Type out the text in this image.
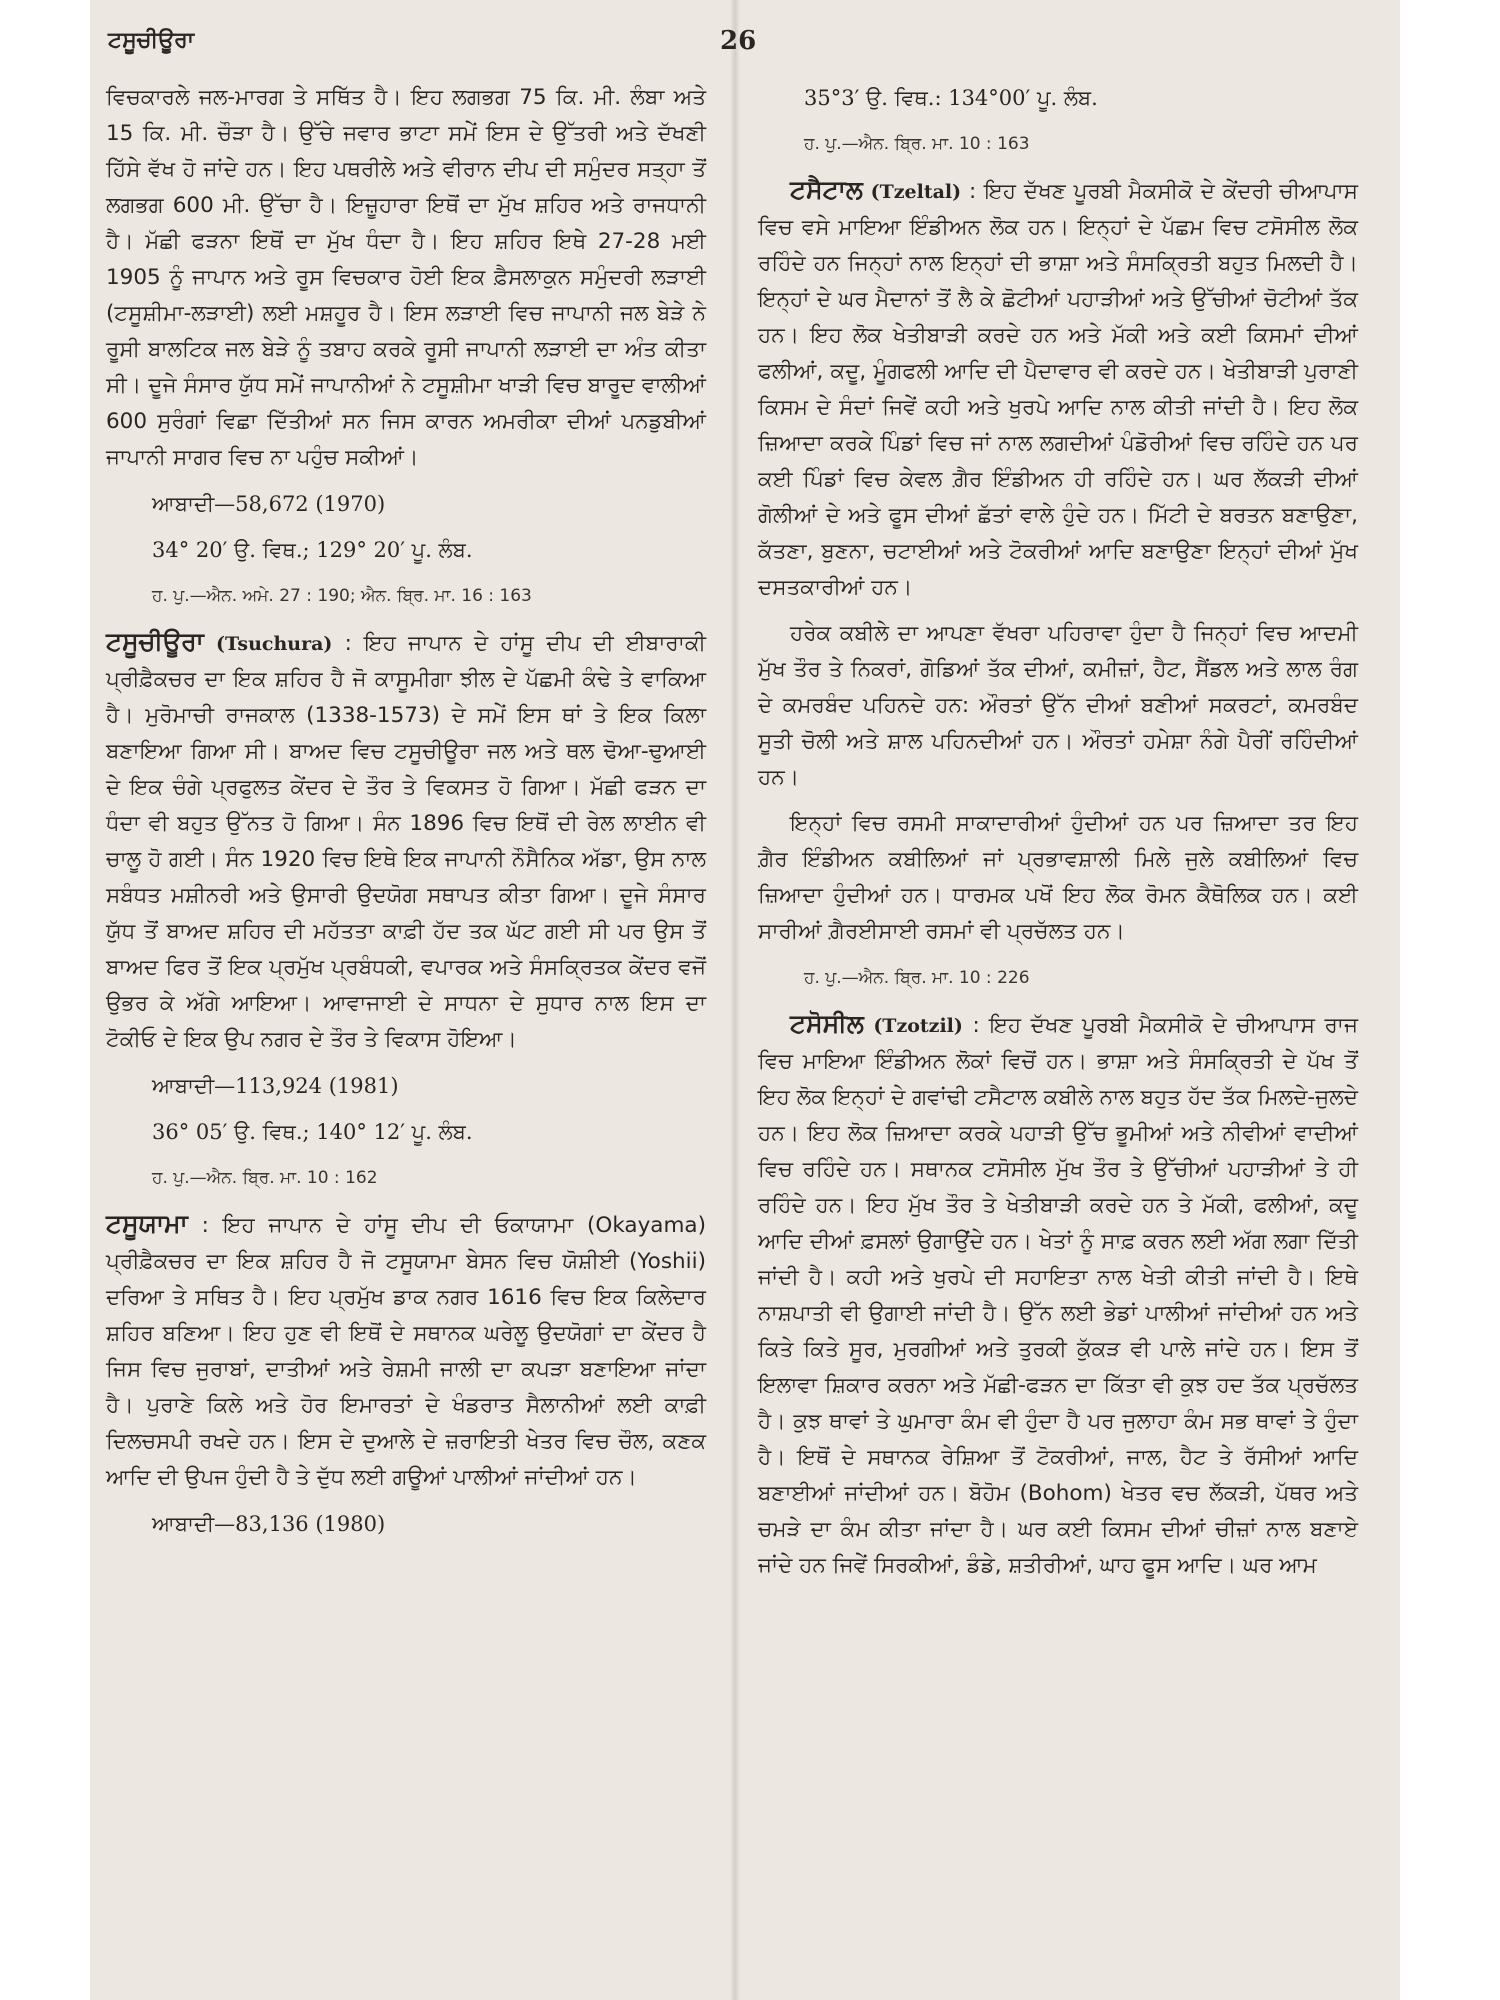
ਟਸੂਚੀਊਰਾ	26

ਵਿਚਕਾਰਲੇ ਜਲ-ਮਾਰਗ ਤੇ ਸਥਿੱਤ ਹੈ। ਇਹ ਲਗਭਗ 75 ਕਿ. ਮੀ. ਲੰਬਾ ਅਤੇ 15 ਕਿ. ਮੀ. ਚੌੜਾ ਹੈ। ਉੱਚੇ ਜਵਾਰ ਭਾਟਾ ਸਮੇਂ ਇਸ ਦੇ ਉੱਤਰੀ ਅਤੇ ਦੱਖਣੀ ਹਿੱਸੇ ਵੱਖ ਹੋ ਜਾਂਦੇ ਹਨ। ਇਹ ਪਥਰੀਲੇ ਅਤੇ ਵੀਰਾਨ ਦੀਪ ਦੀ ਸਮੁੰਦਰ ਸਤ੍ਹਾ ਤੋਂ ਲਗਭਗ 600 ਮੀ. ਉੱਚਾ ਹੈ। ਇਜ਼ੂਹਾਰਾ ਇਥੋਂ ਦਾ ਮੁੱਖ ਸ਼ਹਿਰ ਅਤੇ ਰਾਜਧਾਨੀ ਹੈ। ਮੱਛੀ ਫੜਨਾ ਇਥੋਂ ਦਾ ਮੁੱਖ ਧੰਦਾ ਹੈ। ਇਹ ਸ਼ਹਿਰ ਇਥੇ 27-28 ਮਈ 1905 ਨੂੰ ਜਾਪਾਨ ਅਤੇ ਰੂਸ ਵਿਚਕਾਰ ਹੋਈ ਇਕ ਫ਼ੈਸਲਾਕੁਨ ਸਮੁੰਦਰੀ ਲੜਾਈ (ਟਸੂਸ਼ੀਮਾ-ਲੜਾਈ) ਲਈ ਮਸ਼ਹੂਰ ਹੈ। ਇਸ ਲੜਾਈ ਵਿਚ ਜਾਪਾਨੀ ਜਲ ਬੇੜੇ ਨੇ ਰੂਸੀ ਬਾਲਟਿਕ ਜਲ ਬੇੜੇ ਨੂੰ ਤਬਾਹ ਕਰਕੇ ਰੂਸੀ ਜਾਪਾਨੀ ਲੜਾਈ ਦਾ ਅੰਤ ਕੀਤਾ ਸੀ। ਦੂਜੇ ਸੰਸਾਰ ਯੁੱਧ ਸਮੇਂ ਜਾਪਾਨੀਆਂ ਨੇ ਟਸੂਸ਼ੀਮਾ ਖਾੜੀ ਵਿਚ ਬਾਰੂਦ ਵਾਲੀਆਂ 600 ਸੁਰੰਗਾਂ ਵਿਛਾ ਦਿੱਤੀਆਂ ਸਨ ਜਿਸ ਕਾਰਨ ਅਮਰੀਕਾ ਦੀਆਂ ਪਨਡੁਬੀਆਂ ਜਾਪਾਨੀ ਸਾਗਰ ਵਿਚ ਨਾ ਪਹੁੰਚ ਸਕੀਆਂ।

ਆਬਾਦੀ—58,672 (1970)

34° 20′ ਉ. ਵਿਥ.; 129° 20′ ਪੂ. ਲੰਬ.

ਹ. ਪੁ.—ਐਨ. ਅਮੇ. 27 : 190; ਐਨ. ਬ੍ਰਿ. ਮਾ. 16 : 163

ਟਸੂਚੀਊਰਾ (Tsuchura) : ਇਹ ਜਾਪਾਨ ਦੇ ਹਾਂਸੂ ਦੀਪ ਦੀ ਈਬਾਰਾਕੀ ਪ੍ਰੀਫ਼ੈਕਚਰ ਦਾ ਇਕ ਸ਼ਹਿਰ ਹੈ ਜੋ ਕਾਸੂਮੀਗਾ ਝੀਲ ਦੇ ਪੱਛਮੀ ਕੰਢੇ ਤੇ ਵਾਕਿਆ ਹੈ। ਮੁਰੋਮਾਚੀ ਰਾਜਕਾਲ (1338-1573) ਦੇ ਸਮੇਂ ਇਸ ਥਾਂ ਤੇ ਇਕ ਕਿਲਾ ਬਣਾਇਆ ਗਿਆ ਸੀ। ਬਾਅਦ ਵਿਚ ਟਸੂਚੀਊਰਾ ਜਲ ਅਤੇ ਥਲ ਢੋਆ-ਢੁਆਈ ਦੇ ਇਕ ਚੰਗੇ ਪ੍ਰਫੁਲਤ ਕੇਂਦਰ ਦੇ ਤੌਰ ਤੇ ਵਿਕਸਤ ਹੋ ਗਿਆ। ਮੱਛੀ ਫੜਨ ਦਾ ਧੰਦਾ ਵੀ ਬਹੁਤ ਉੱਨਤ ਹੋ ਗਿਆ। ਸੰਨ 1896 ਵਿਚ ਇਥੋਂ ਦੀ ਰੇਲ ਲਾਈਨ ਵੀ ਚਾਲੂ ਹੋ ਗਈ। ਸੰਨ 1920 ਵਿਚ ਇਥੇ ਇਕ ਜਾਪਾਨੀ ਨੌਸੈਨਿਕ ਅੱਡਾ, ਉਸ ਨਾਲ ਸਬੰਧਤ ਮਸ਼ੀਨਰੀ ਅਤੇ ਉਸਾਰੀ ਉਦਯੋਗ ਸਥਾਪਤ ਕੀਤਾ ਗਿਆ। ਦੂਜੇ ਸੰਸਾਰ ਯੁੱਧ ਤੋਂ ਬਾਅਦ ਸ਼ਹਿਰ ਦੀ ਮਹੱਤਤਾ ਕਾਫ਼ੀ ਹੱਦ ਤਕ ਘੱਟ ਗਈ ਸੀ ਪਰ ਉਸ ਤੋਂ ਬਾਅਦ ਫਿਰ ਤੋਂ ਇਕ ਪ੍ਰਮੁੱਖ ਪ੍ਰਬੰਧਕੀ, ਵਪਾਰਕ ਅਤੇ ਸੰਸਕ੍ਰਿਤਕ ਕੇਂਦਰ ਵਜੋਂ ਉਭਰ ਕੇ ਅੱਗੇ ਆਇਆ। ਆਵਾਜਾਈ ਦੇ ਸਾਧਨਾ ਦੇ ਸੁਧਾਰ ਨਾਲ ਇਸ ਦਾ ਟੋਕੀਓ ਦੇ ਇਕ ਉਪ ਨਗਰ ਦੇ ਤੌਰ ਤੇ ਵਿਕਾਸ ਹੋਇਆ।

ਆਬਾਦੀ—113,924 (1981)

36° 05′ ਉ. ਵਿਥ.; 140° 12′ ਪੂ. ਲੰਬ.

ਹ. ਪੁ.—ਐਨ. ਬ੍ਰਿ. ਮਾ. 10 : 162

ਟਸੂਯਾਮਾ : ਇਹ ਜਾਪਾਨ ਦੇ ਹਾਂਸੂ ਦੀਪ ਦੀ ਓਕਾਯਾਮਾ (Okayama) ਪ੍ਰੀਫ਼ੈਕਚਰ ਦਾ ਇਕ ਸ਼ਹਿਰ ਹੈ ਜੋ ਟਸੂਯਾਮਾ ਬੇਸਨ ਵਿਚ ਯੋਸ਼ੀਈ (Yoshii) ਦਰਿਆ ਤੇ ਸਥਿਤ ਹੈ। ਇਹ ਪ੍ਰਮੁੱਖ ਡਾਕ ਨਗਰ 1616 ਵਿਚ ਇਕ ਕਿਲੇਦਾਰ ਸ਼ਹਿਰ ਬਣਿਆ। ਇਹ ਹੁਣ ਵੀ ਇਥੋਂ ਦੇ ਸਥਾਨਕ ਘਰੇਲੂ ਉਦਯੋਗਾਂ ਦਾ ਕੇਂਦਰ ਹੈ ਜਿਸ ਵਿਚ ਜੁਰਾਬਾਂ, ਦਾਤੀਆਂ ਅਤੇ ਰੇਸ਼ਮੀ ਜਾਲੀ ਦਾ ਕਪੜਾ ਬਣਾਇਆ ਜਾਂਦਾ ਹੈ। ਪੁਰਾਣੇ ਕਿਲੇ ਅਤੇ ਹੋਰ ਇਮਾਰਤਾਂ ਦੇ ਖੰਡਰਾਤ ਸੈਲਾਨੀਆਂ ਲਈ ਕਾਫ਼ੀ ਦਿਲਚਸਪੀ ਰਖਦੇ ਹਨ। ਇਸ ਦੇ ਦੁਆਲੇ ਦੇ ਜ਼ਰਾਇਤੀ ਖੇਤਰ ਵਿਚ ਚੌਲ, ਕਣਕ ਆਦਿ ਦੀ ਉਪਜ ਹੁੰਦੀ ਹੈ ਤੇ ਦੁੱਧ ਲਈ ਗਊਆਂ ਪਾਲੀਆਂ ਜਾਂਦੀਆਂ ਹਨ।

ਆਬਾਦੀ—83,136 (1980)

35°3′ ਉ. ਵਿਥ.: 134°00′ ਪੂ. ਲੰਬ.

ਹ. ਪੁ.—ਐਨ. ਬ੍ਰਿ. ਮਾ. 10 : 163

ਟਸੈਟਾਲ (Tzeltal) : ਇਹ ਦੱਖਣ ਪੂਰਬੀ ਮੈਕਸੀਕੋ ਦੇ ਕੇਂਦਰੀ ਚੀਆਪਾਸ ਵਿਚ ਵਸੇ ਮਾਇਆ ਇੰਡੀਅਨ ਲੋਕ ਹਨ। ਇਨ੍ਹਾਂ ਦੇ ਪੱਛਮ ਵਿਚ ਟਸੋਸੀਲ ਲੋਕ ਰਹਿੰਦੇ ਹਨ ਜਿਨ੍ਹਾਂ ਨਾਲ ਇਨ੍ਹਾਂ ਦੀ ਭਾਸ਼ਾ ਅਤੇ ਸੰਸਕ੍ਰਿਤੀ ਬਹੁਤ ਮਿਲਦੀ ਹੈ। ਇਨ੍ਹਾਂ ਦੇ ਘਰ ਮੈਦਾਨਾਂ ਤੋਂ ਲੈ ਕੇ ਛੋਟੀਆਂ ਪਹਾੜੀਆਂ ਅਤੇ ਉੱਚੀਆਂ ਚੋਟੀਆਂ ਤੱਕ ਹਨ। ਇਹ ਲੋਕ ਖੇਤੀਬਾੜੀ ਕਰਦੇ ਹਨ ਅਤੇ ਮੱਕੀ ਅਤੇ ਕਈ ਕਿਸਮਾਂ ਦੀਆਂ ਫਲੀਆਂ, ਕਦੂ, ਮੂੰਗਫਲੀ ਆਦਿ ਦੀ ਪੈਦਾਵਾਰ ਵੀ ਕਰਦੇ ਹਨ। ਖੇਤੀਬਾੜੀ ਪੁਰਾਣੀ ਕਿਸਮ ਦੇ ਸੰਦਾਂ ਜਿਵੇਂ ਕਹੀ ਅਤੇ ਖੁਰਪੇ ਆਦਿ ਨਾਲ ਕੀਤੀ ਜਾਂਦੀ ਹੈ। ਇਹ ਲੋਕ ਜ਼ਿਆਦਾ ਕਰਕੇ ਪਿੰਡਾਂ ਵਿਚ ਜਾਂ ਨਾਲ ਲਗਦੀਆਂ ਪੰਡੋਰੀਆਂ ਵਿਚ ਰਹਿੰਦੇ ਹਨ ਪਰ ਕਈ ਪਿੰਡਾਂ ਵਿਚ ਕੇਵਲ ਗ਼ੈਰ ਇੰਡੀਅਨ ਹੀ ਰਹਿੰਦੇ ਹਨ। ਘਰ ਲੱਕੜੀ ਦੀਆਂ ਗੋਲੀਆਂ ਦੇ ਅਤੇ ਫੂਸ ਦੀਆਂ ਛੱਤਾਂ ਵਾਲੇ ਹੁੰਦੇ ਹਨ। ਮਿੱਟੀ ਦੇ ਬਰਤਨ ਬਣਾਉਣਾ, ਕੱਤਣਾ, ਬੁਣਨਾ, ਚਟਾਈਆਂ ਅਤੇ ਟੋਕਰੀਆਂ ਆਦਿ ਬਣਾਉਣਾ ਇਨ੍ਹਾਂ ਦੀਆਂ ਮੁੱਖ ਦਸਤਕਾਰੀਆਂ ਹਨ।

ਹਰੇਕ ਕਬੀਲੇ ਦਾ ਆਪਣਾ ਵੱਖਰਾ ਪਹਿਰਾਵਾ ਹੁੰਦਾ ਹੈ ਜਿਨ੍ਹਾਂ ਵਿਚ ਆਦਮੀ ਮੁੱਖ ਤੌਰ ਤੇ ਨਿਕਰਾਂ, ਗੋਡਿਆਂ ਤੱਕ ਦੀਆਂ, ਕਮੀਜ਼ਾਂ, ਹੈਟ, ਸੈਂਡਲ ਅਤੇ ਲਾਲ ਰੰਗ ਦੇ ਕਮਰਬੰਦ ਪਹਿਨਦੇ ਹਨ: ਔਰਤਾਂ ਉੱਨ ਦੀਆਂ ਬਣੀਆਂ ਸਕਰਟਾਂ, ਕਮਰਬੰਦ ਸੂਤੀ ਚੋਲੀ ਅਤੇ ਸ਼ਾਲ ਪਹਿਨਦੀਆਂ ਹਨ। ਔਰਤਾਂ ਹਮੇਸ਼ਾ ਨੰਗੇ ਪੈਰੀਂ ਰਹਿੰਦੀਆਂ ਹਨ।

ਇਨ੍ਹਾਂ ਵਿਚ ਰਸਮੀ ਸਾਕਾਦਾਰੀਆਂ ਹੁੰਦੀਆਂ ਹਨ ਪਰ ਜ਼ਿਆਦਾ ਤਰ ਇਹ ਗ਼ੈਰ ਇੰਡੀਅਨ ਕਬੀਲਿਆਂ ਜਾਂ ਪ੍ਰਭਾਵਸ਼ਾਲੀ ਮਿਲੇ ਜੁਲੇ ਕਬੀਲਿਆਂ ਵਿਚ ਜ਼ਿਆਦਾ ਹੁੰਦੀਆਂ ਹਨ। ਧਾਰਮਕ ਪਖੋਂ ਇਹ ਲੋਕ ਰੋਮਨ ਕੈਥੋਲਿਕ ਹਨ। ਕਈ ਸਾਰੀਆਂ ਗ਼ੈਰਈਸਾਈ ਰਸਮਾਂ ਵੀ ਪ੍ਰਚੱਲਤ ਹਨ।

ਹ. ਪੁ.—ਐਨ. ਬ੍ਰਿ. ਮਾ. 10 : 226

ਟਸੋਸੀਲ (Tzotzil) : ਇਹ ਦੱਖਣ ਪੂਰਬੀ ਮੈਕਸੀਕੋ ਦੇ ਚੀਆਪਾਸ ਰਾਜ ਵਿਚ ਮਾਇਆ ਇੰਡੀਅਨ ਲੋਕਾਂ ਵਿਚੋਂ ਹਨ। ਭਾਸ਼ਾ ਅਤੇ ਸੰਸਕ੍ਰਿਤੀ ਦੇ ਪੱਖ ਤੋਂ ਇਹ ਲੋਕ ਇਨ੍ਹਾਂ ਦੇ ਗਵਾਂਢੀ ਟਸੈਟਾਲ ਕਬੀਲੇ ਨਾਲ ਬਹੁਤ ਹੱਦ ਤੱਕ ਮਿਲਦੇ-ਜੁਲਦੇ ਹਨ। ਇਹ ਲੋਕ ਜ਼ਿਆਦਾ ਕਰਕੇ ਪਹਾੜੀ ਉੱਚ ਭੂਮੀਆਂ ਅਤੇ ਨੀਵੀਆਂ ਵਾਦੀਆਂ ਵਿਚ ਰਹਿੰਦੇ ਹਨ। ਸਥਾਨਕ ਟਸੋਸੀਲ ਮੁੱਖ ਤੌਰ ਤੇ ਉੱਚੀਆਂ ਪਹਾੜੀਆਂ ਤੇ ਹੀ ਰਹਿੰਦੇ ਹਨ। ਇਹ ਮੁੱਖ ਤੌਰ ਤੇ ਖੇਤੀਬਾੜੀ ਕਰਦੇ ਹਨ ਤੇ ਮੱਕੀ, ਫਲੀਆਂ, ਕਦੂ ਆਦਿ ਦੀਆਂ ਫ਼ਸਲਾਂ ਉਗਾਉਂਦੇ ਹਨ। ਖੇਤਾਂ ਨੂੰ ਸਾਫ਼ ਕਰਨ ਲਈ ਅੱਗ ਲਗਾ ਦਿੱਤੀ ਜਾਂਦੀ ਹੈ। ਕਹੀ ਅਤੇ ਖੁਰਪੇ ਦੀ ਸਹਾਇਤਾ ਨਾਲ ਖੇਤੀ ਕੀਤੀ ਜਾਂਦੀ ਹੈ। ਇਥੇ ਨਾਸ਼ਪਾਤੀ ਵੀ ਉਗਾਈ ਜਾਂਦੀ ਹੈ। ਉੱਨ ਲਈ ਭੇਡਾਂ ਪਾਲੀਆਂ ਜਾਂਦੀਆਂ ਹਨ ਅਤੇ ਕਿਤੇ ਕਿਤੇ ਸੂਰ, ਮੁਰਗੀਆਂ ਅਤੇ ਤੁਰਕੀ ਕੁੱਕੜ ਵੀ ਪਾਲੇ ਜਾਂਦੇ ਹਨ। ਇਸ ਤੋਂ ਇਲਾਵਾ ਸ਼ਿਕਾਰ ਕਰਨਾ ਅਤੇ ਮੱਛੀ-ਫੜਨ ਦਾ ਕਿੱਤਾ ਵੀ ਕੁਝ ਹਦ ਤੱਕ ਪ੍ਰਚੱਲਤ ਹੈ। ਕੁਝ ਥਾਵਾਂ ਤੇ ਘੁਮਾਰਾ ਕੰਮ ਵੀ ਹੁੰਦਾ ਹੈ ਪਰ ਜੁਲਾਹਾ ਕੰਮ ਸਭ ਥਾਵਾਂ ਤੇ ਹੁੰਦਾ ਹੈ। ਇਥੋਂ ਦੇ ਸਥਾਨਕ ਰੇਸ਼ਿਆ ਤੋਂ ਟੋਕਰੀਆਂ, ਜਾਲ, ਹੈਟ ਤੇ ਰੱਸੀਆਂ ਆਦਿ ਬਣਾਈਆਂ ਜਾਂਦੀਆਂ ਹਨ। ਬੋਹੋਮ (Bohom) ਖੇਤਰ ਵਚ ਲੱਕੜੀ, ਪੱਥਰ ਅਤੇ ਚਮੜੇ ਦਾ ਕੰਮ ਕੀਤਾ ਜਾਂਦਾ ਹੈ। ਘਰ ਕਈ ਕਿਸਮ ਦੀਆਂ ਚੀਜ਼ਾਂ ਨਾਲ ਬਣਾਏ ਜਾਂਦੇ ਹਨ ਜਿਵੇਂ ਸਿਰਕੀਆਂ, ਡੰਡੇ, ਸ਼ਤੀਰੀਆਂ, ਘਾਹ ਫੂਸ ਆਦਿ। ਘਰ ਆਮ
